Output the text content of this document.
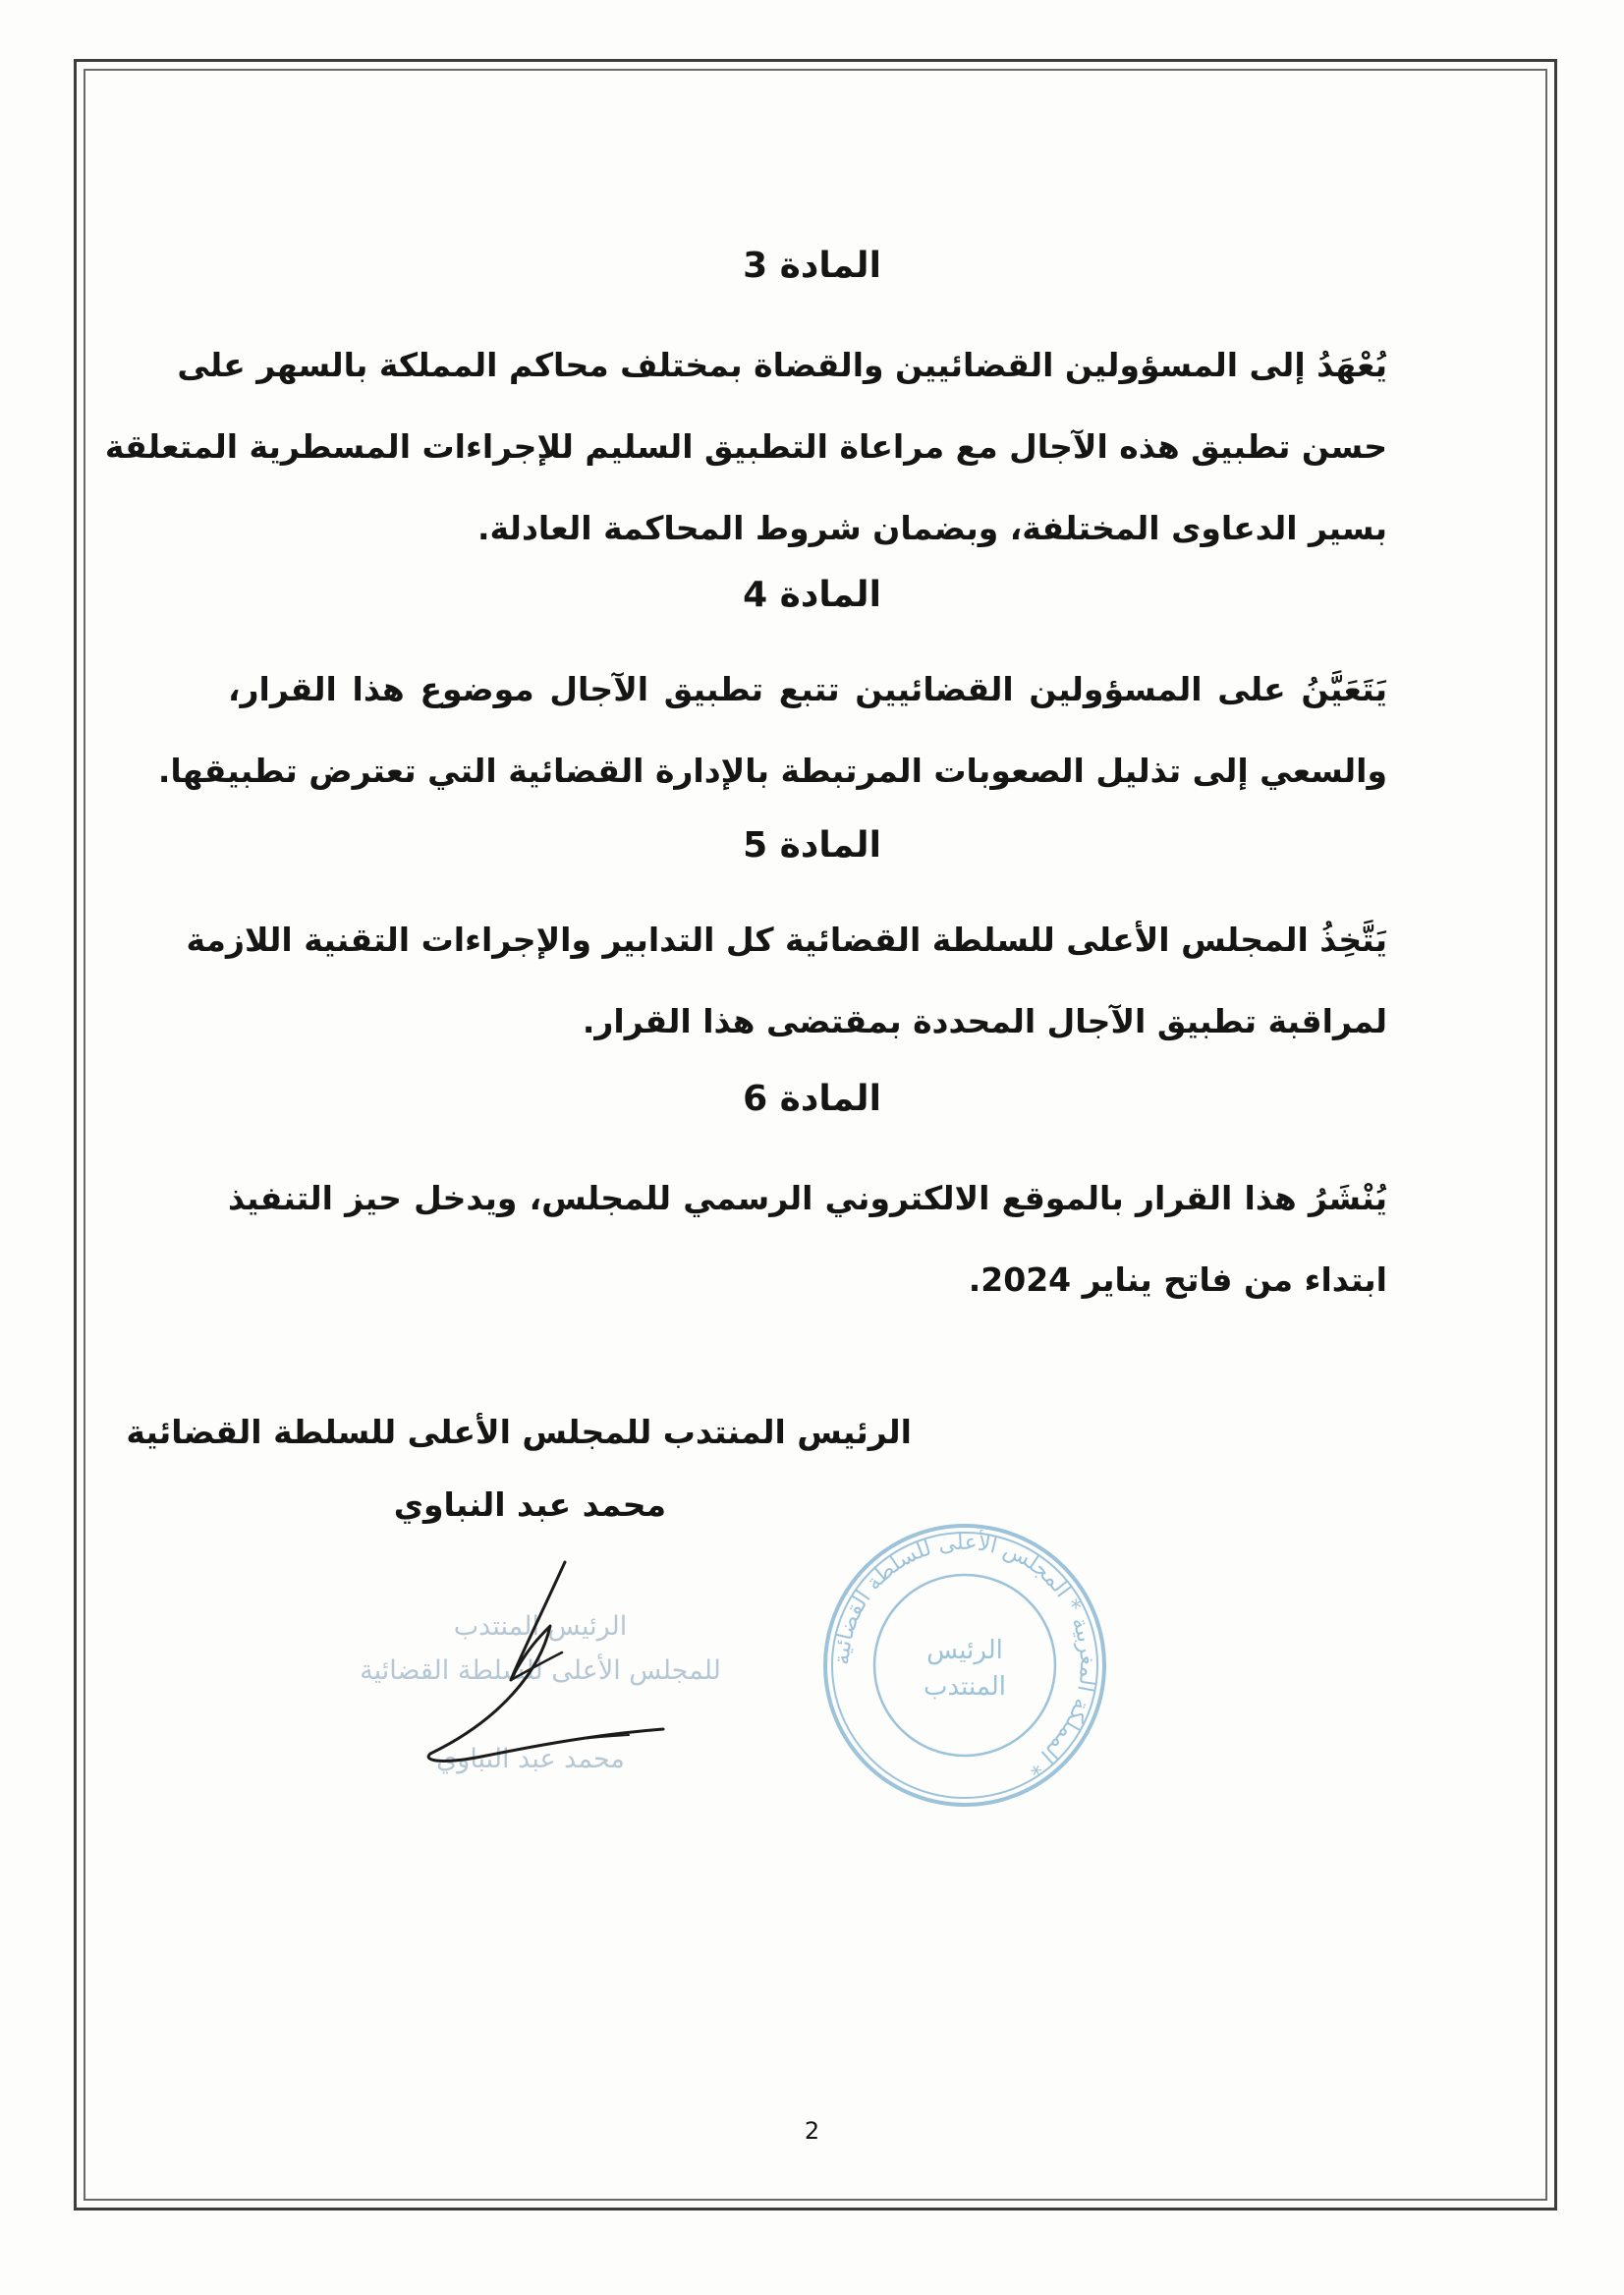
المادة 3
يُعْهَدُ إلى المسؤولين القضائيين والقضاة بمختلف محاكم المملكة بالسهر على
حسن تطبيق هذه الآجال مع مراعاة التطبيق السليم للإجراءات المسطرية المتعلقة
بسير الدعاوى المختلفة، وبضمان شروط المحاكمة العادلة.
المادة 4
يَتَعَيَّنُ على المسؤولين القضائيين تتبع تطبيق الآجال موضوع هذا القرار،
والسعي إلى تذليل الصعوبات المرتبطة بالإدارة القضائية التي تعترض تطبيقها.
المادة 5
يَتَّخِذُ المجلس الأعلى للسلطة القضائية كل التدابير والإجراءات التقنية اللازمة
لمراقبة تطبيق الآجال المحددة بمقتضى هذا القرار.
المادة 6
يُنْشَرُ هذا القرار بالموقع الالكتروني الرسمي للمجلس، ويدخل حيز التنفيذ
ابتداء من فاتح يناير 2024.
الرئيس المنتدب للمجلس الأعلى للسلطة القضائية
محمد عبد النباوي
الرئيس المنتدب
للمجلس الأعلى للسلطة القضائية
محمد عبد النباوي
المملكة المغربية * المجلس الأعلى للسلطة القضائية *
الرئيس
المنتدب
2
